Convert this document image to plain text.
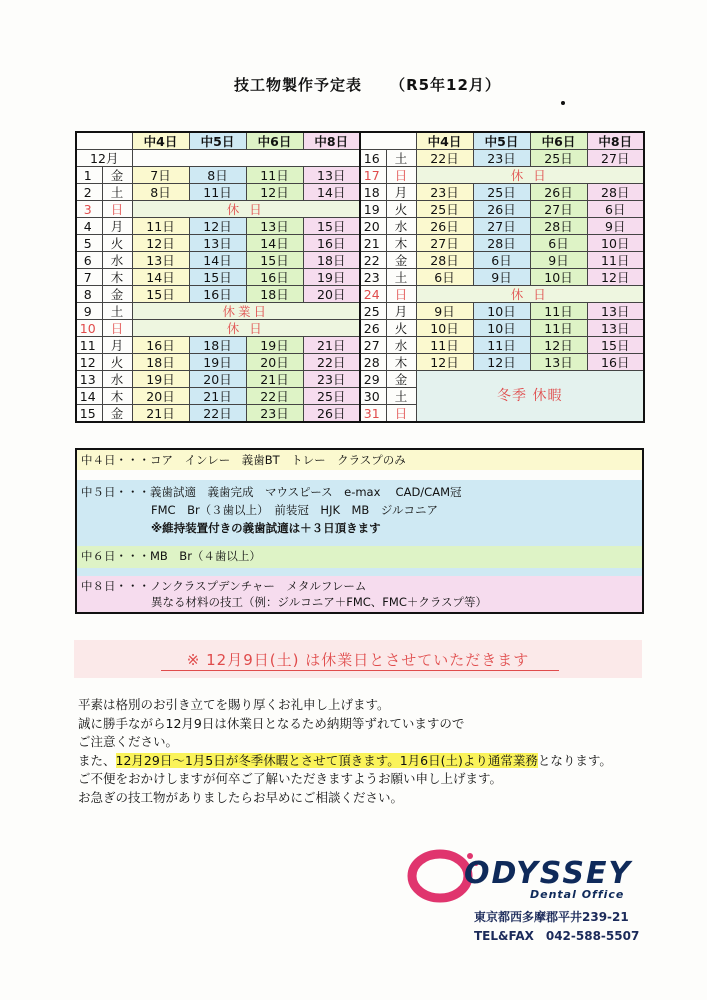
技工物製作予定表 （R5年12月）
		中4日	中5日	中6日	中8日			中4日	中5日	中6日	中8日
12月						16	土	22日	23日	25日	27日
1	金	7日	8日	11日	13日	17	日	休 日			
2	土	8日	11日	12日	14日	18	月	23日	25日	26日	28日
3	日	休 日				19	火	25日	26日	27日	6日
4	月	11日	12日	13日	15日	20	水	26日	27日	28日	9日
5	火	12日	13日	14日	16日	21	木	27日	28日	6日	10日
6	水	13日	14日	15日	18日	22	金	28日	6日	9日	11日
7	木	14日	15日	16日	19日	23	土	6日	9日	10日	12日
8	金	15日	16日	18日	20日	24	日	休 日			
9	土	休業日				25	月	9日	10日	11日	13日
10	日	休 日				26	火	10日	10日	11日	13日
11	月	16日	18日	19日	21日	27	水	11日	11日	12日	15日
12	火	18日	19日	20日	22日	28	木	12日	12日	13日	16日
13	水	19日	20日	21日	23日	29	金	冬季 休暇			
14	木	20日	21日	22日	25日	30	土				
15	金	21日	22日	23日	26日	31	日				
中４日・・・コア　インレー　義歯BT　トレー　クラスプのみ
中５日・・・義歯試適　義歯完成　マウスピース　e-max　 CAD/CAM冠
FMC　Br（３歯以上）　前装冠　HJK　MB　ジルコニア
※維持装置付きの義歯試適は＋３日頂きます
中６日・・・MB　Br（４歯以上）
中８日・・・ノンクラスプデンチャー　メタルフレーム
異なる材料の技工（例：ジルコニア＋FMC、FMC＋クラスプ等）
※ 12月9日(土) は休業日とさせていただきます
平素は格別のお引き立てを賜り厚くお礼申し上げます。
誠に勝手ながら12月9日は休業日となるため納期等ずれていますので
ご注意ください。
また、12月29日〜1月5日が冬季休暇とさせて頂きます。1月6日(土)より通常業務となります。
ご不便をおかけしますが何卒ご了解いただきますようお願い申し上げます。
お急ぎの技工物がありましたらお早めにご相談ください。
ODYSSEY
Dental Office
東京都西多摩郡平井239-21
TEL&FAX　042-588-5507
